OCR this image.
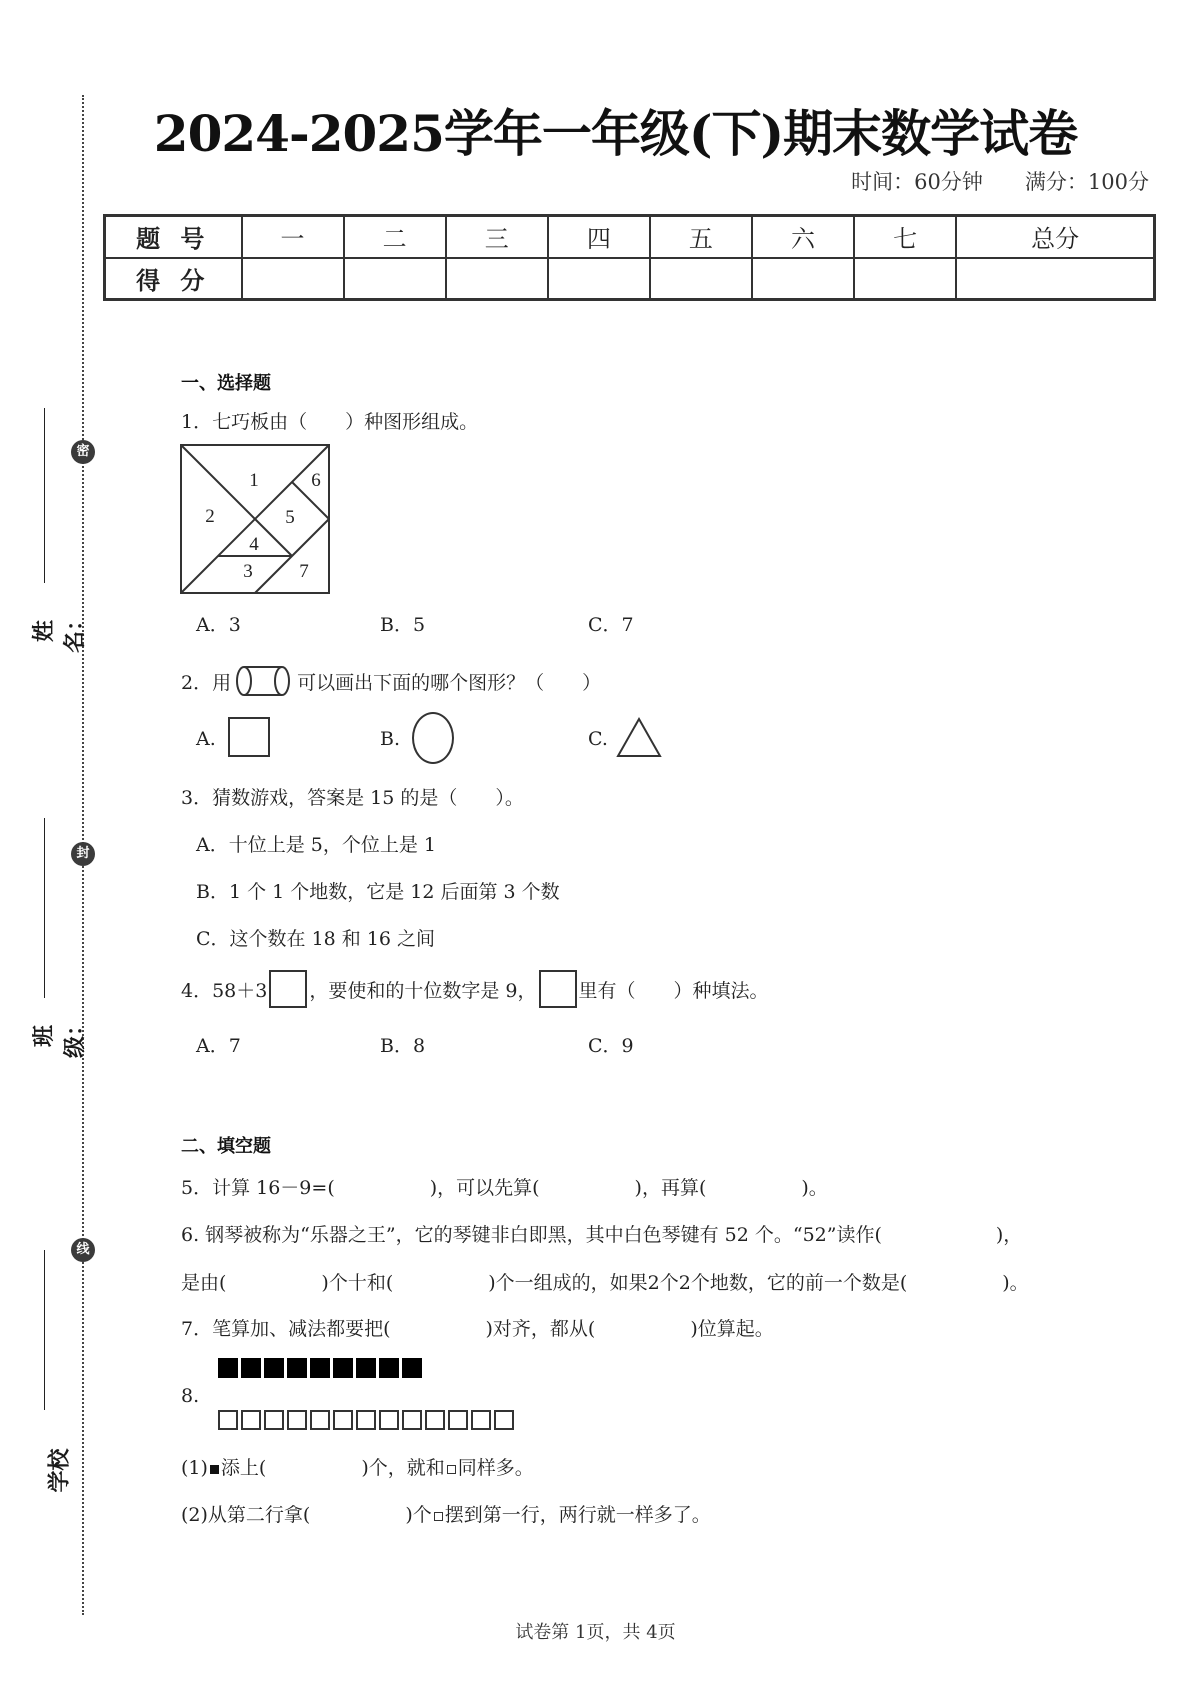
密
封
线
姓名：
班级：
学校
2024-2025学年一年级(下)期末数学试卷
时间：60分钟 满分：100分
题 号	一	二	三	四	五	六	七	总分
得 分								
一、选择题
1．七巧板由（　　）种图形组成。
1
2
3
4
5
6
7
A．3	B．5	C．7
2．用	可以画出下面的哪个图形？（　　）
A.	B.	C.
3．猜数游戏，答案是 15 的是（　　）。
A．十位上是 5，个位上是 1
B．1 个 1 个地数，它是 12 后面第 3 个数
C．这个数在 18 和 16 之间
4．58＋3 ，要使和的十位数字是 9， 里有（　　）种填法。
A．7	B．8	C．9
二、填空题
5．计算 16－9=(　　　　　)，可以先算(　　　　　)，再算(　　　　　)。
6. 钢琴被称为“乐器之王”，它的琴键非白即黑，其中白色琴键有 52 个。“52”读作(　　　　　　)，
是由(　　　　　)个十和(　　　　　)个一组成的，如果2个2个地数，它的前一个数是(　　　　　)。
7．笔算加、减法都要把(　　　　　)对齐，都从(　　　　　)位算起。
8.
(1) 添上(　　　　　)个，就和 同样多。
(2)从第二行拿(　　　　　)个 摆到第一行，两行就一样多了。
试卷第 1页，共 4页
